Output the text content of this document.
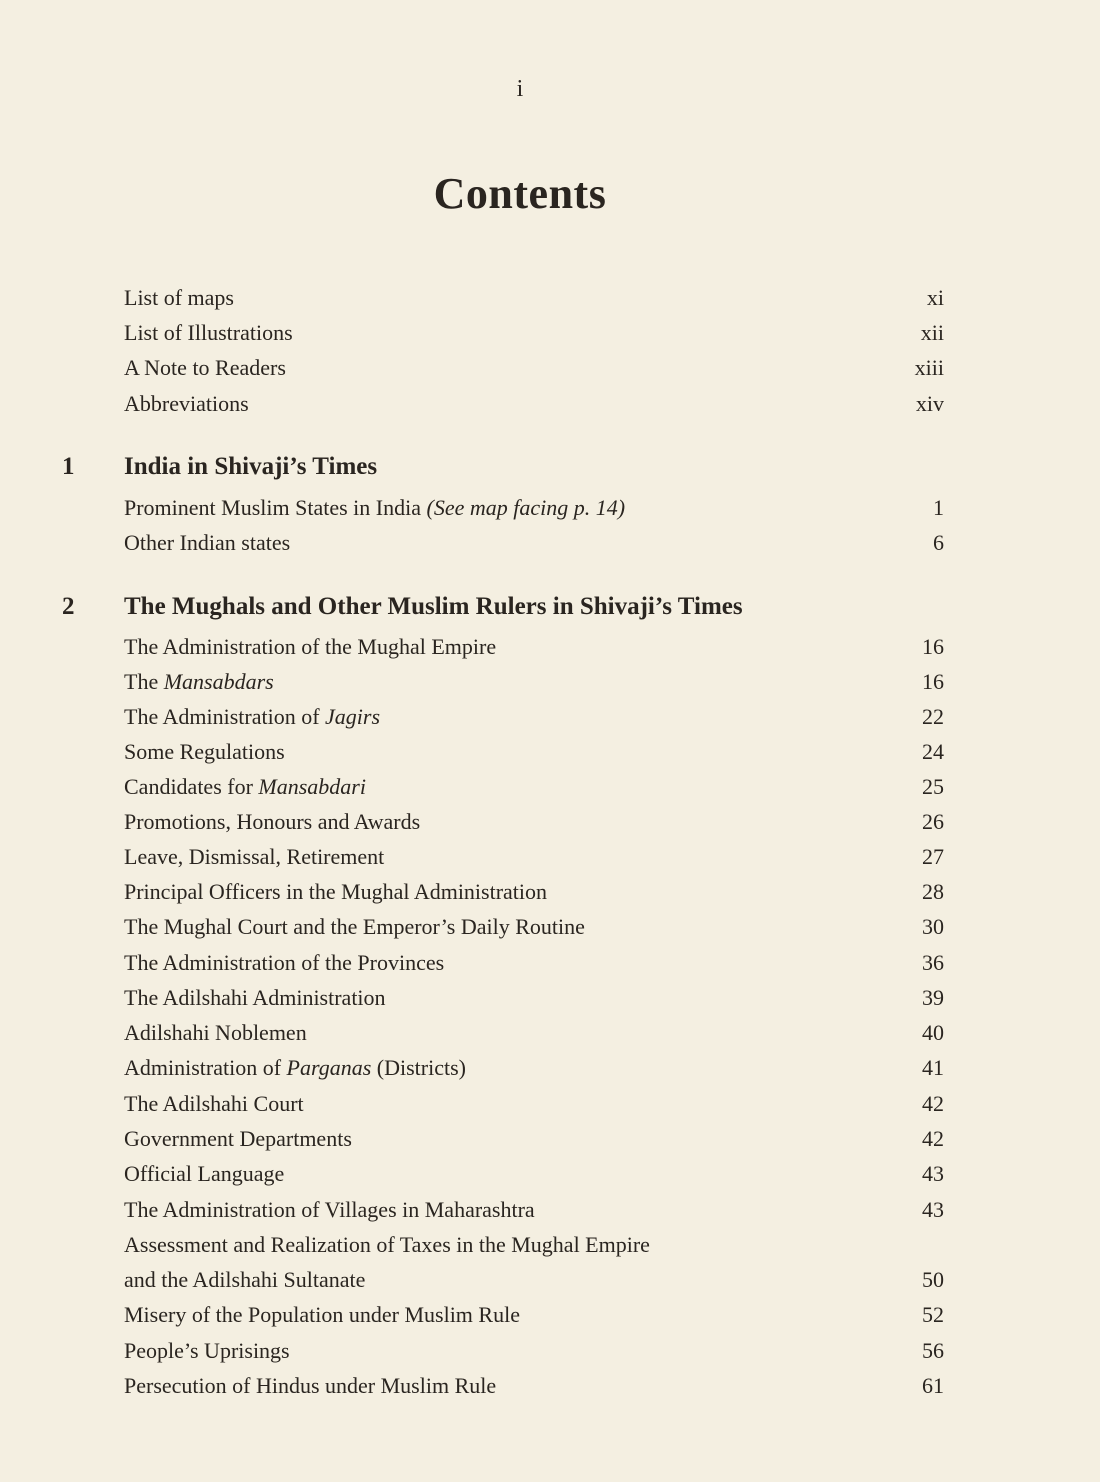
i
Contents
List of maps	xi
List of Illustrations	xii
A Note to Readers	xiii
Abbreviations	xiv
1 India in Shivaji’s Times
Prominent Muslim States in India (See map facing p. 14)	1
Other Indian states	6
2 The Mughals and Other Muslim Rulers in Shivaji’s Times
The Administration of the Mughal Empire	16
The Mansabdars	16
The Administration of Jagirs	22
Some Regulations	24
Candidates for Mansabdari	25
Promotions, Honours and Awards	26
Leave, Dismissal, Retirement	27
Principal Officers in the Mughal Administration	28
The Mughal Court and the Emperor’s Daily Routine	30
The Administration of the Provinces	36
The Adilshahi Administration	39
Adilshahi Noblemen	40
Administration of Parganas (Districts)	41
The Adilshahi Court	42
Government Departments	42
Official Language	43
The Administration of Villages in Maharashtra	43
Assessment and Realization of Taxes in the Mughal Empire
and the Adilshahi Sultanate	50
Misery of the Population under Muslim Rule	52
People’s Uprisings	56
Persecution of Hindus under Muslim Rule	61
